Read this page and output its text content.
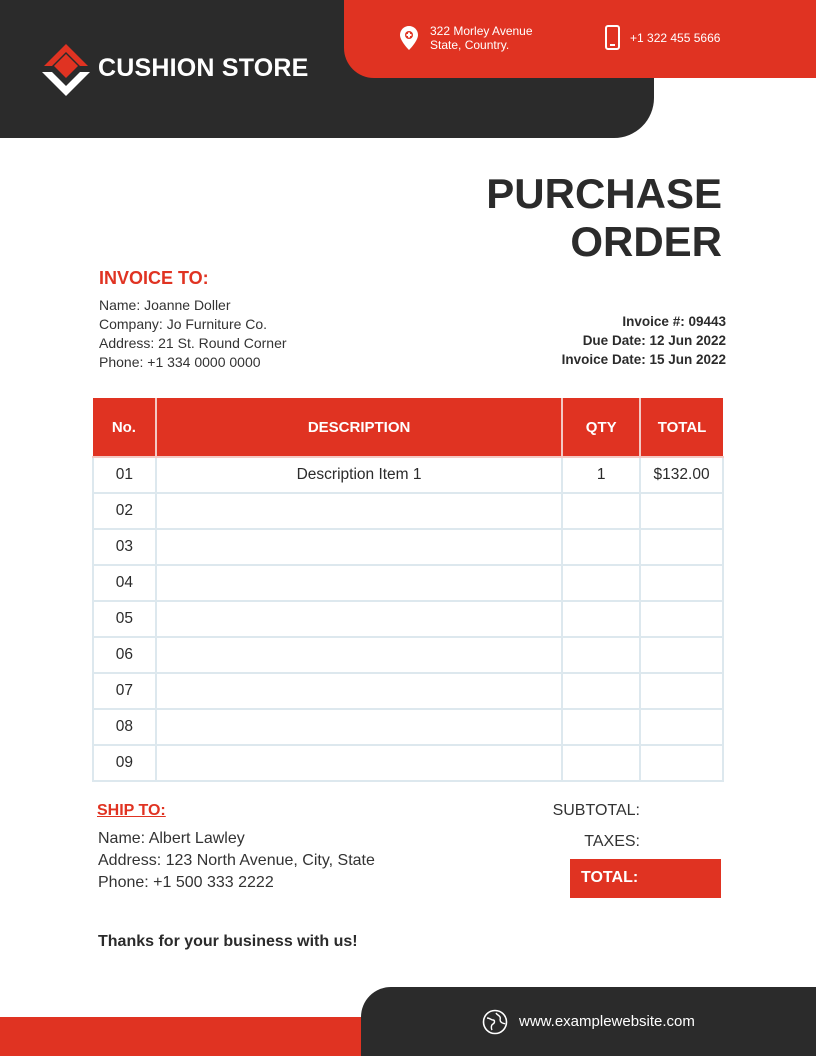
CUSHION STORE
322 Morley Avenue
State, Country.	+1 322 455 5666
PURCHASE
ORDER
INVOICE TO:
Name: Joanne Doller
Company: Jo Furniture Co.
Address: 21 St. Round Corner
Phone: +1 334 0000 0000
Invoice #: 09443
Due Date: 12 Jun 2022
Invoice Date: 15 Jun 2022
No.	DESCRIPTION	QTY	TOTAL
01	Description Item 1	1	$132.00
02			
03			
04			
05			
06			
07			
08			
09			
SHIP TO:
Name: Albert Lawley
Address: 123 North Avenue, City, State
Phone: +1 500 333 2222
SUBTOTAL:
TAXES:
TOTAL:
Thanks for your business with us!
www.examplewebsite.com
